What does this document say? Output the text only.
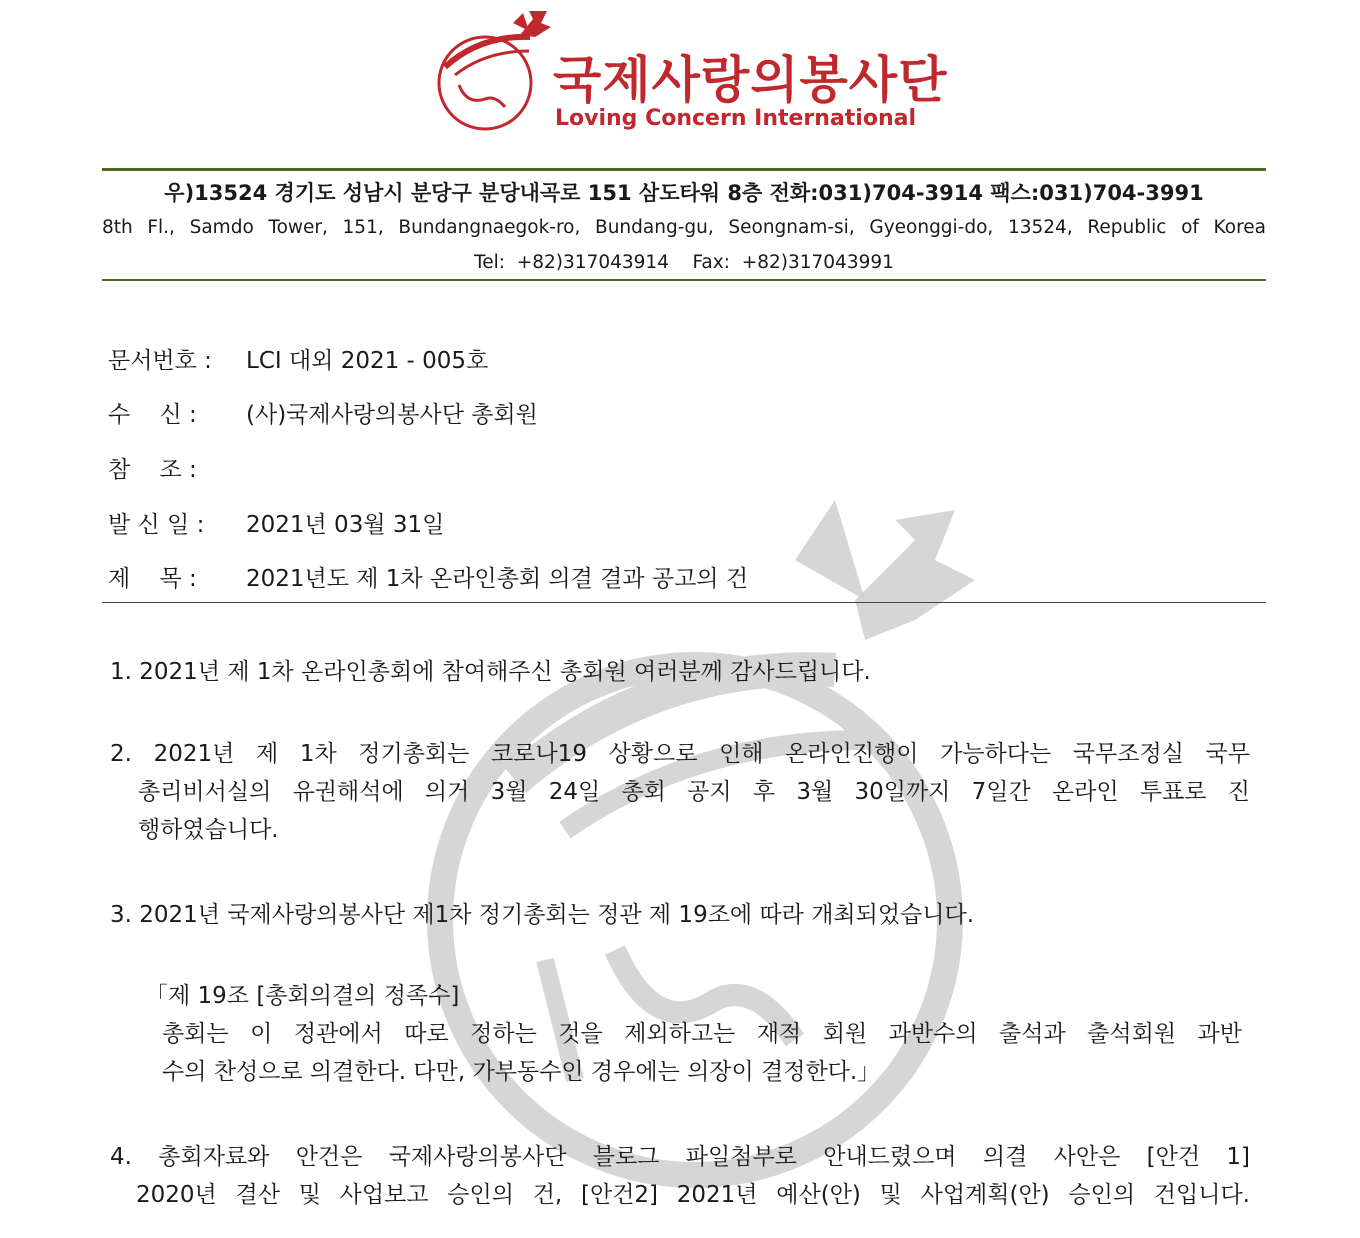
국제사랑의봉사단
Loving Concern International
우)13524 경기도 성남시 분당구 분당내곡로 151 삼도타워 8층 전화:031)704-3914 팩스:031)704-3991
8th Fl., Samdo Tower, 151, Bundangnaegok-ro, Bundang-gu, Seongnam-si, Gyeonggi-do, 13524, Republic of Korea
Tel:  +82)317043914    Fax:  +82)317043991
문서번호 :	LCI 대외 2021 - 005호
수    신 :	(사)국제사랑의봉사단 총회원
참    조 :
발 신 일 :	2021년 03월 31일
제    목 :	2021년도 제 1차 온라인총회 의결 결과 공고의 건
1. 2021년 제 1차 온라인총회에 참여해주신 총회원 여러분께 감사드립니다.
2. 2021년 제 1차 정기총회는 코로나19 상황으로 인해 온라인진행이 가능하다는 국무조정실 국무
총리비서실의 유권해석에 의거 3월 24일 총회 공지 후 3월 30일까지 7일간 온라인 투표로 진
행하였습니다.
3. 2021년 국제사랑의봉사단 제1차 정기총회는 정관 제 19조에 따라 개최되었습니다.
「제 19조 [총회의결의 정족수]
총회는 이 정관에서 따로 정하는 것을 제외하고는 재적 회원 과반수의 출석과 출석회원 과반
수의 찬성으로 의결한다. 다만, 가부동수인 경우에는 의장이 결정한다.」
4. 총회자료와 안건은 국제사랑의봉사단 블로그 파일첨부로 안내드렸으며 의결 사안은 [안건 1]
2020년 결산 및 사업보고 승인의 건, [안건2] 2021년 예산(안) 및 사업계획(안) 승인의 건입니다.
